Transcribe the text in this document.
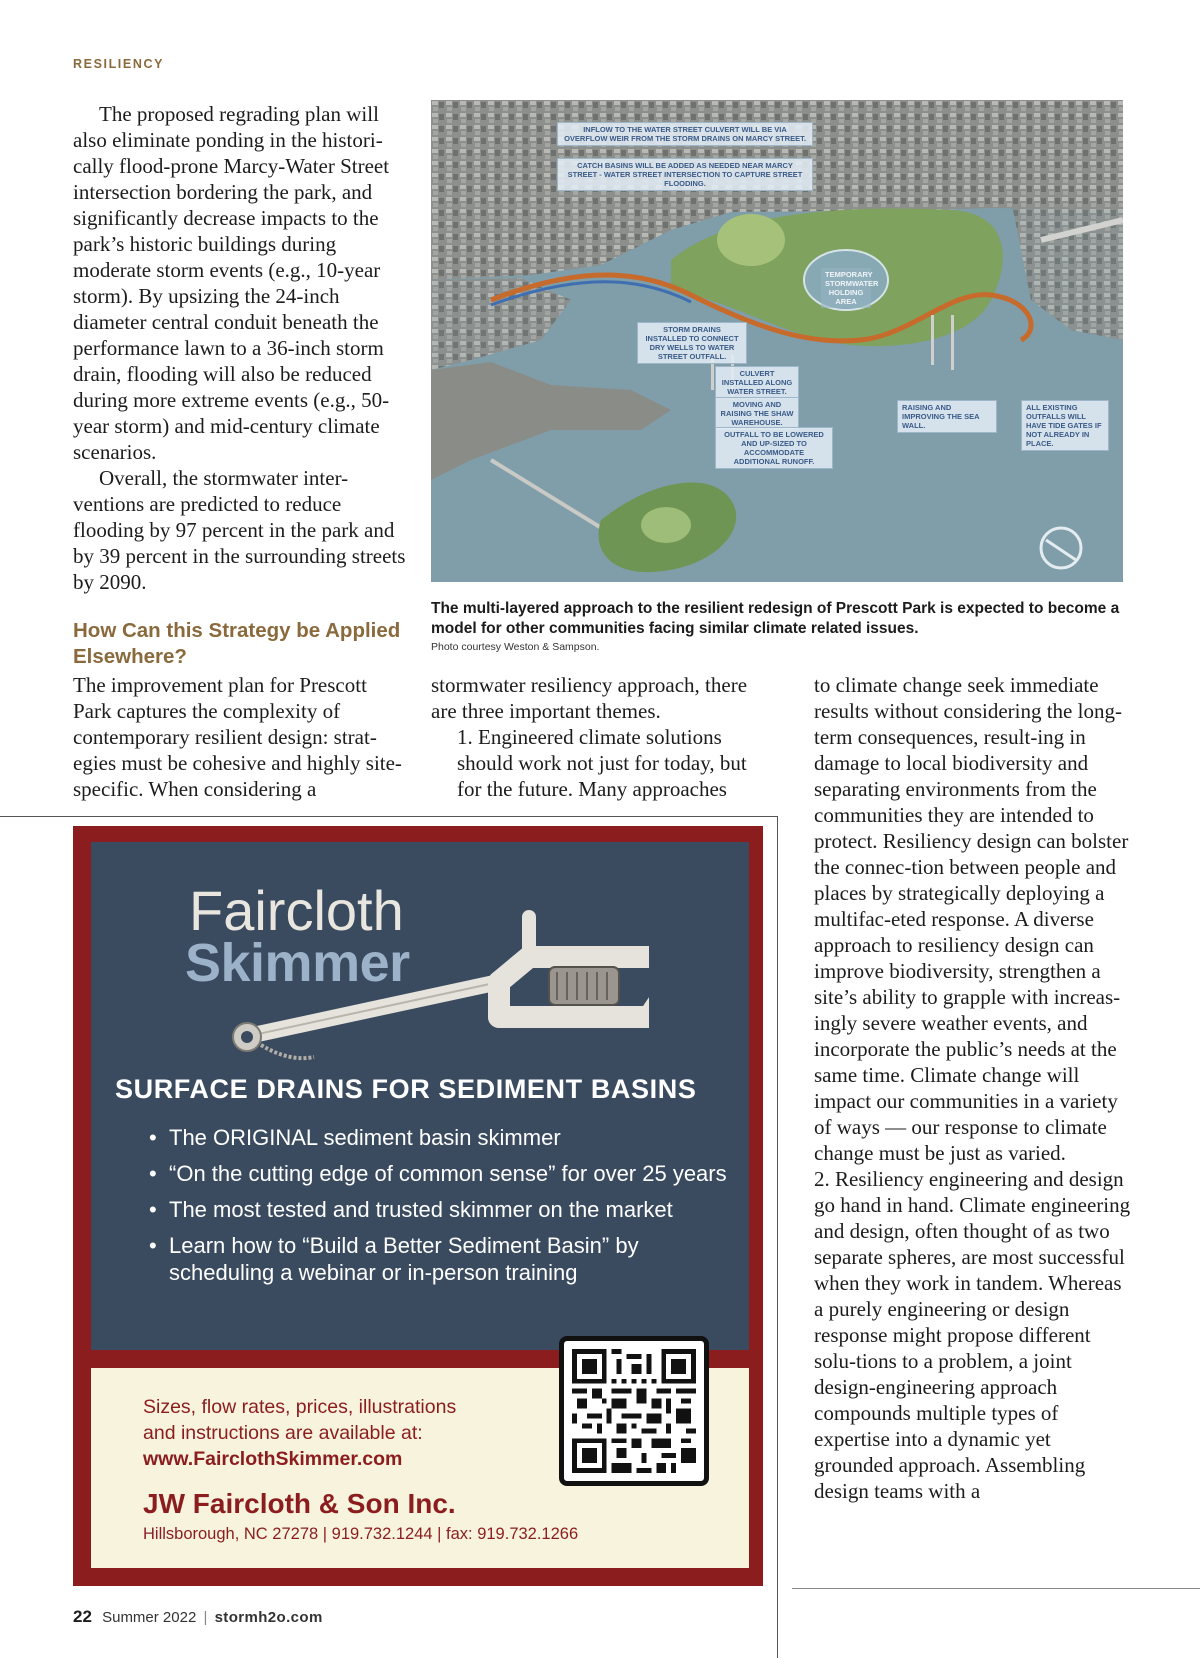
RESILIENCY

The proposed regrading plan will also eliminate ponding in the histori-cally flood-prone Marcy-Water Street intersection bordering the park, and significantly decrease impacts to the park’s historic buildings during moderate storm events (e.g., 10-year storm). By upsizing the 24-inch diameter central conduit beneath the performance lawn to a 36-inch storm drain, flooding will also be reduced during more extreme events (e.g., 50-year storm) and mid-century climate scenarios.

Overall, the stormwater inter-ventions are predicted to reduce flooding by 97 percent in the park and by 39 percent in the surrounding streets by 2090.

INFLOW TO THE WATER STREET CULVERT WILL BE VIA OVERFLOW WEIR FROM THE STORM DRAINS ON MARCY STREET.
CATCH BASINS WILL BE ADDED AS NEEDED NEAR MARCY STREET - WATER STREET INTERSECTION TO CAPTURE STREET FLOODING.
TEMPORARY STORMWATER HOLDING AREA
STORM DRAINS INSTALLED TO CONNECT DRY WELLS TO WATER STREET OUTFALL.
CULVERT INSTALLED ALONG WATER STREET.
MOVING AND RAISING THE SHAW WAREHOUSE.
OUTFALL TO BE LOWERED AND UP-SIZED TO ACCOMMODATE ADDITIONAL RUNOFF.
RAISING AND IMPROVING THE SEA WALL.
ALL EXISTING OUTFALLS WILL HAVE TIDE GATES IF NOT ALREADY IN PLACE.
The multi-layered approach to the resilient redesign of Prescott Park is expected to become a model for other communities facing similar climate related issues.
Photo courtesy Weston & Sampson.
How Can this Strategy be Applied Elsewhere?

The improvement plan for Prescott Park captures the complexity of contemporary resilient design: strat-egies must be cohesive and highly site-specific. When considering a

stormwater resiliency approach, there are three important themes.

1. Engineered climate solutions should work not just for today, but for the future. Many approaches

to climate change seek immediate results without considering the long-term consequences, result-ing in damage to local biodiversity and separating environments from the communities they are intended to protect. Resiliency design can bolster the connec-tion between people and places by strategically deploying a multifac-eted response. A diverse approach to resiliency design can improve biodiversity, strengthen a site’s ability to grapple with increas-ingly severe weather events, and incorporate the public’s needs at the same time. Climate change will impact our communities in a variety of ways — our response to climate change must be just as varied.

2. Resiliency engineering and design go hand in hand. Climate engineering and design, often thought of as two separate spheres, are most successful when they work in tandem. Whereas a purely engineering or design response might propose different solu-tions to a problem, a joint design-engineering approach compounds multiple types of expertise into a dynamic yet grounded approach. Assembling design teams with a

Faircloth
Skimmer	®
SURFACE DRAINS FOR SEDIMENT BASINS
• The ORIGINAL sediment basin skimmer
• “On the cutting edge of common sense” for over 25 years
• The most tested and trusted skimmer on the market
• Learn how to “Build a Better Sediment Basin” by scheduling a webinar or in-person training
Sizes, flow rates, prices, illustrations
and instructions are available at:
www.FairclothSkimmer.com
JW Faircloth & Son Inc.
Hillsborough, NC 27278 | 919.732.1244 | fax: 919.732.1266
22 Summer 2022 | stormh2o.com
